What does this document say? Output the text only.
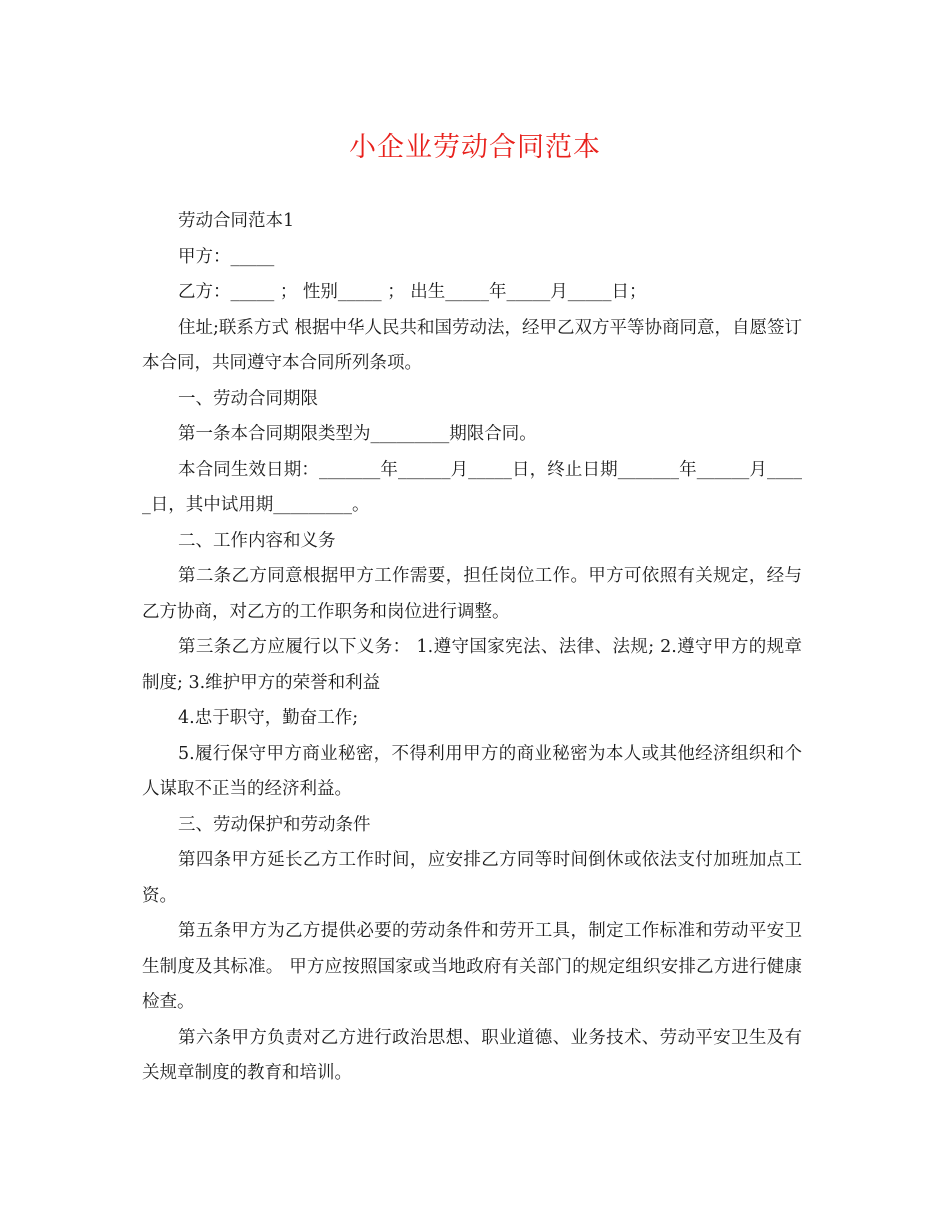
小企业劳动合同范本

劳动合同范本1

甲方：_____

乙方：_____ ； 性别_____ ； 出生_____年_____月_____日；

住址;联系方式 根据中华人民共和国劳动法，经甲乙双方平等协商同意，自愿签订本合同，共同遵守本合同所列条项。

一、劳动合同期限

第一条本合同期限类型为_________期限合同。

本合同生效日期：_______年______月_____日，终止日期_______年______月_____日，其中试用期_________。

二、工作内容和义务

第二条乙方同意根据甲方工作需要，担任岗位工作。甲方可依照有关规定，经与乙方协商，对乙方的工作职务和岗位进行调整。

第三条乙方应履行以下义务： 1.遵守国家宪法、法律、法规; 2.遵守甲方的规章制度; 3.维护甲方的荣誉和利益

4.忠于职守，勤奋工作;

5.履行保守甲方商业秘密，不得利用甲方的商业秘密为本人或其他经济组织和个人谋取不正当的经济利益。

三、劳动保护和劳动条件

第四条甲方延长乙方工作时间，应安排乙方同等时间倒休或依法支付加班加点工资。

第五条甲方为乙方提供必要的劳动条件和劳开工具，制定工作标准和劳动平安卫生制度及其标准。 甲方应按照国家或当地政府有关部门的规定组织安排乙方进行健康检查。

第六条甲方负责对乙方进行政治思想、职业道德、业务技术、劳动平安卫生及有关规章制度的教育和培训。
